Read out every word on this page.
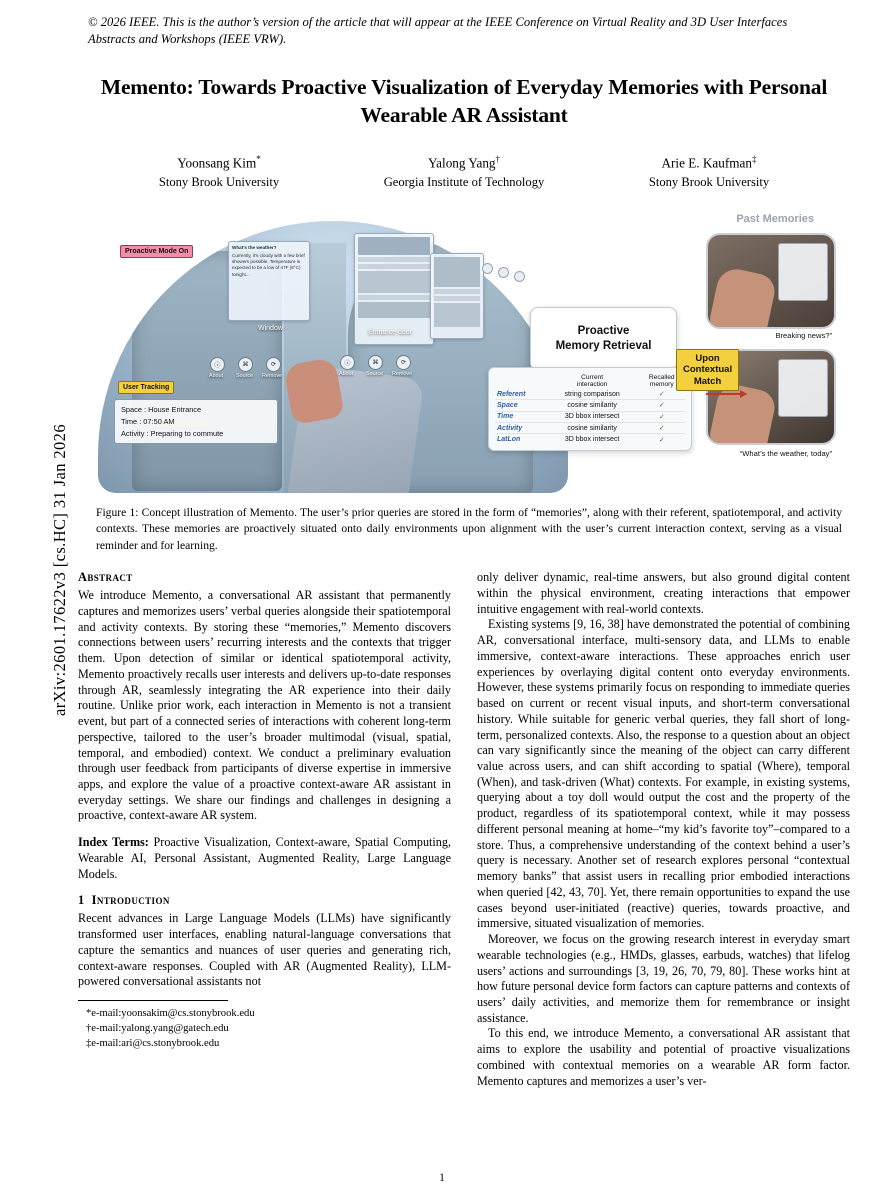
arXiv:2601.17622v3 [cs.HC] 31 Jan 2026
© 2026 IEEE. This is the author’s version of the article that will appear at the IEEE Conference on Virtual Reality and 3D User Interfaces Abstracts and Workshops (IEEE VRW).
Memento: Towards Proactive Visualization of Everyday Memories with Personal Wearable AR Assistant
Yoonsang Kim*
Stony Brook University
Yalong Yang†
Georgia Institute of Technology
Arie E. Kaufman‡
Stony Brook University
What’s the weather?
Currently, it's cloudy with a few brief showers possible. Temperature is expected to be a low of 47F (8°C) tonight...
Proactive Mode On
User Tracking
Space : House Entrance
Time : 07:50 AM
Activity : Preparing to commute
Window
Entrance door
ⓘ
About
⌘
Source
⟳
Remove
ⓘ
About
⌘
Source
⟳
Remove
Proactive
Memory Retrieval

Current
interaction

Recalled
memory

Referent	string comparison	✓
Space	cosine similarity	✓
Time	3D bbox intersect	✓
Activity	cosine similarity	✓
LatLon	3D bbox intersect	✓
Past Memories
Breaking news?”
“What’s the weather, today”
Upon
Contextual
Match
Figure 1: Concept illustration of Memento. The user’s prior queries are stored in the form of “memories”, along with their referent, spatiotemporal, and activity contexts. These memories are proactively situated onto daily environments upon alignment with the user’s current interaction context, serving as a visual reminder and for learning.
Abstract

We introduce Memento, a conversational AR assistant that permanently captures and memorizes users’ verbal queries alongside their spatiotemporal and activity contexts. By storing these “memories,” Memento discovers connections between users’ recurring interests and the contexts that trigger them. Upon detection of similar or identical spatiotemporal activity, Memento proactively recalls user interests and delivers up-to-date responses through AR, seamlessly integrating the AR experience into their daily routine. Unlike prior work, each interaction in Memento is not a transient event, but part of a connected series of interactions with coherent long-term perspective, tailored to the user’s broader multimodal (visual, spatial, temporal, and embodied) context. We conduct a preliminary evaluation through user feedback from participants of diverse expertise in immersive apps, and explore the value of a proactive context-aware AR assistant in everyday settings. We share our findings and challenges in designing a proactive, context-aware AR system.

Index Terms: Proactive Visualization, Context-aware, Spatial Computing, Wearable AI, Personal Assistant, Augmented Reality, Large Language Models.
1 Introduction

Recent advances in Large Language Models (LLMs) have significantly transformed user interfaces, enabling natural-language conversations that capture the semantics and nuances of user queries and generating rich, context-aware responses. Coupled with AR (Augmented Reality), LLM-powered conversational assistants not

*e-mail:yoonsakim@cs.stonybrook.edu
†e-mail:yalong.yang@gatech.edu
‡e-mail:ari@cs.stonybrook.edu

only deliver dynamic, real-time answers, but also ground digital content within the physical environment, creating interactions that empower intuitive engagement with real-world contexts.

Existing systems [9, 16, 38] have demonstrated the potential of combining AR, conversational interface, multi-sensory data, and LLMs to enable immersive, context-aware interactions. These approaches enrich user experiences by overlaying digital content onto everyday environments. However, these systems primarily focus on responding to immediate queries based on current or recent visual inputs, and short-term conversational history. While suitable for generic verbal queries, they fall short of long-term, personalized contexts. Also, the response to a question about an object can vary significantly since the meaning of the object can carry different value across users, and can shift according to spatial (Where), temporal (When), and task-driven (What) contexts. For example, in existing systems, querying about a toy doll would output the cost and the property of the product, regardless of its spatiotemporal context, while it may possess different personal meaning at home–“my kid’s favorite toy”–compared to a store. Thus, a comprehensive understanding of the context behind a user’s query is necessary. Another set of research explores personal “contextual memory banks” that assist users in recalling prior embodied interactions when queried [42, 43, 70]. Yet, there remain opportunities to expand the use cases beyond user-initiated (reactive) queries, towards proactive, and immersive, situated visualization of memories.

Moreover, we focus on the growing research interest in everyday smart wearable technologies (e.g., HMDs, glasses, earbuds, watches) that lifelog users’ actions and surroundings [3, 19, 26, 70, 79, 80]. These works hint at how future personal device form factors can capture patterns and contexts of users’ daily activities, and memorize them for remembrance or insight assistance.

To this end, we introduce Memento, a conversational AR assistant that aims to explore the usability and potential of proactive visualizations combined with contextual memories on a wearable AR form factor. Memento captures and memorizes a user’s ver-

1
